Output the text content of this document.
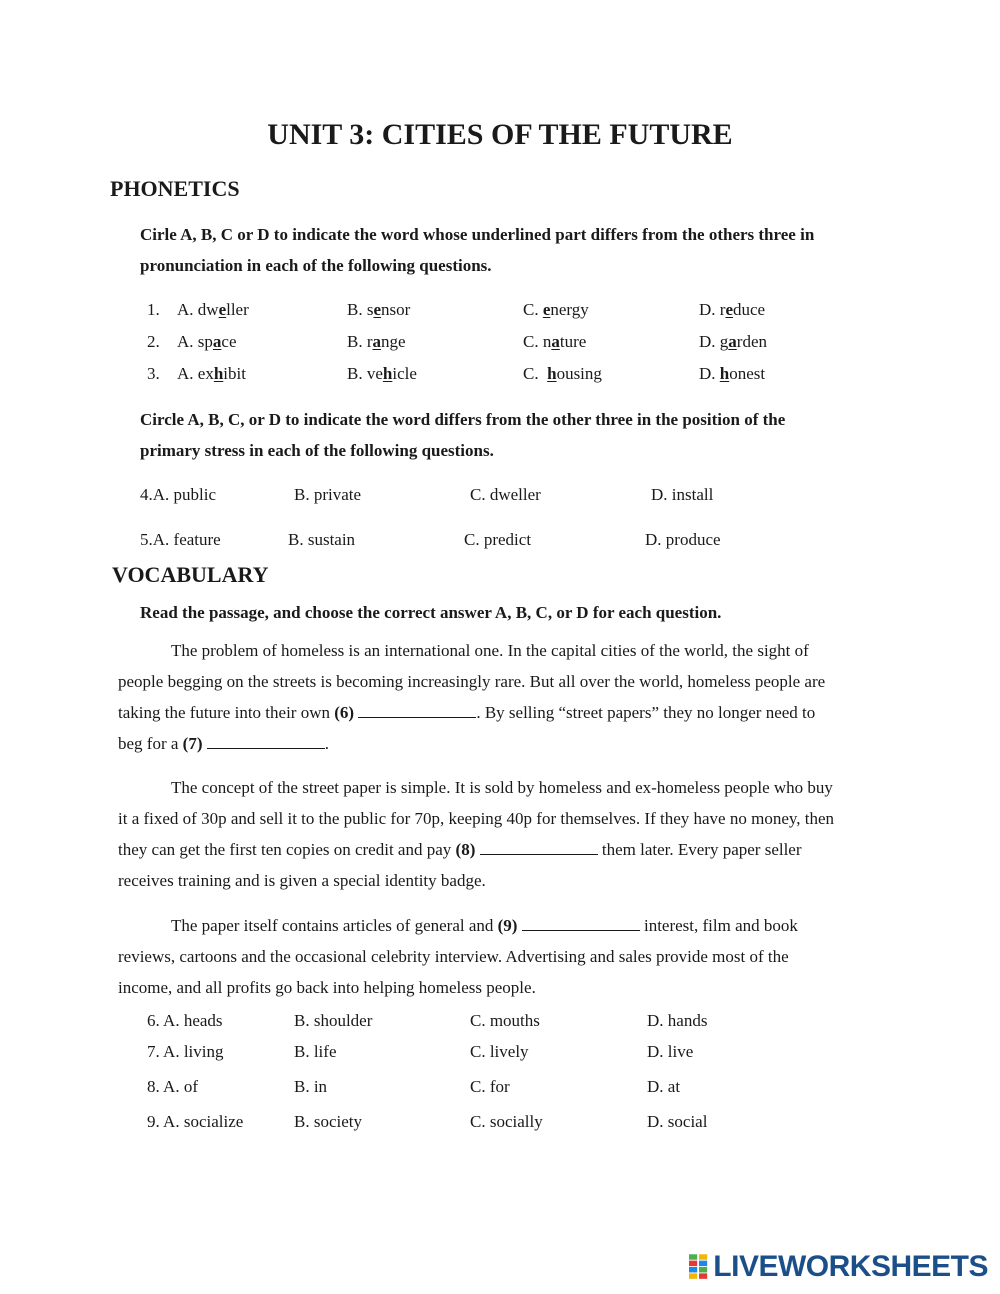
UNIT 3: CITIES OF THE FUTURE
PHONETICS
Cirle A, B, C or D to indicate the word whose underlined part differs from the others three in
pronunciation in each of the following questions.
1. A. dweller	B. sensor	C. energy	D. reduce
2. A. space	B. range	C. nature	D. garden
3. A. exhibit	B. vehicle	C.  housing	D. honest
Circle A, B, C, or D to indicate the word differs from the other three in the position of the
primary stress in each of the following questions.
4.A. public	B. private	C. dweller	D. install
5.A. feature	B. sustain	C. predict	D. produce
VOCABULARY
Read the passage, and choose the correct answer A, B, C, or D for each question.
The problem of homeless is an international one. In the capital cities of the world, the sight of
people begging on the streets is becoming increasingly rare. But all over the world, homeless people are
taking the future into their own (6)	. By selling “street papers” they no longer need to
beg for a (7)	.
The concept of the street paper is simple. It is sold by homeless and ex-homeless people who buy
it a fixed of 30p and sell it to the public for 70p, keeping 40p for themselves. If they have no money, then
they can get the first ten copies on credit and pay (8)	them later. Every paper seller
receives training and is given a special identity badge.
The paper itself contains articles of general and (9)	interest, film and book
reviews, cartoons and the occasional celebrity interview. Advertising and sales provide most of the
income, and all profits go back into helping homeless people.
6. A. heads	B. shoulder	C. mouths	D. hands
7. A. living	B. life	C. lively	D. live
8. A. of	B. in	C. for	D. at
9. A. socialize	B. society	C. socially	D. social
LIVEWORKSHEETS
